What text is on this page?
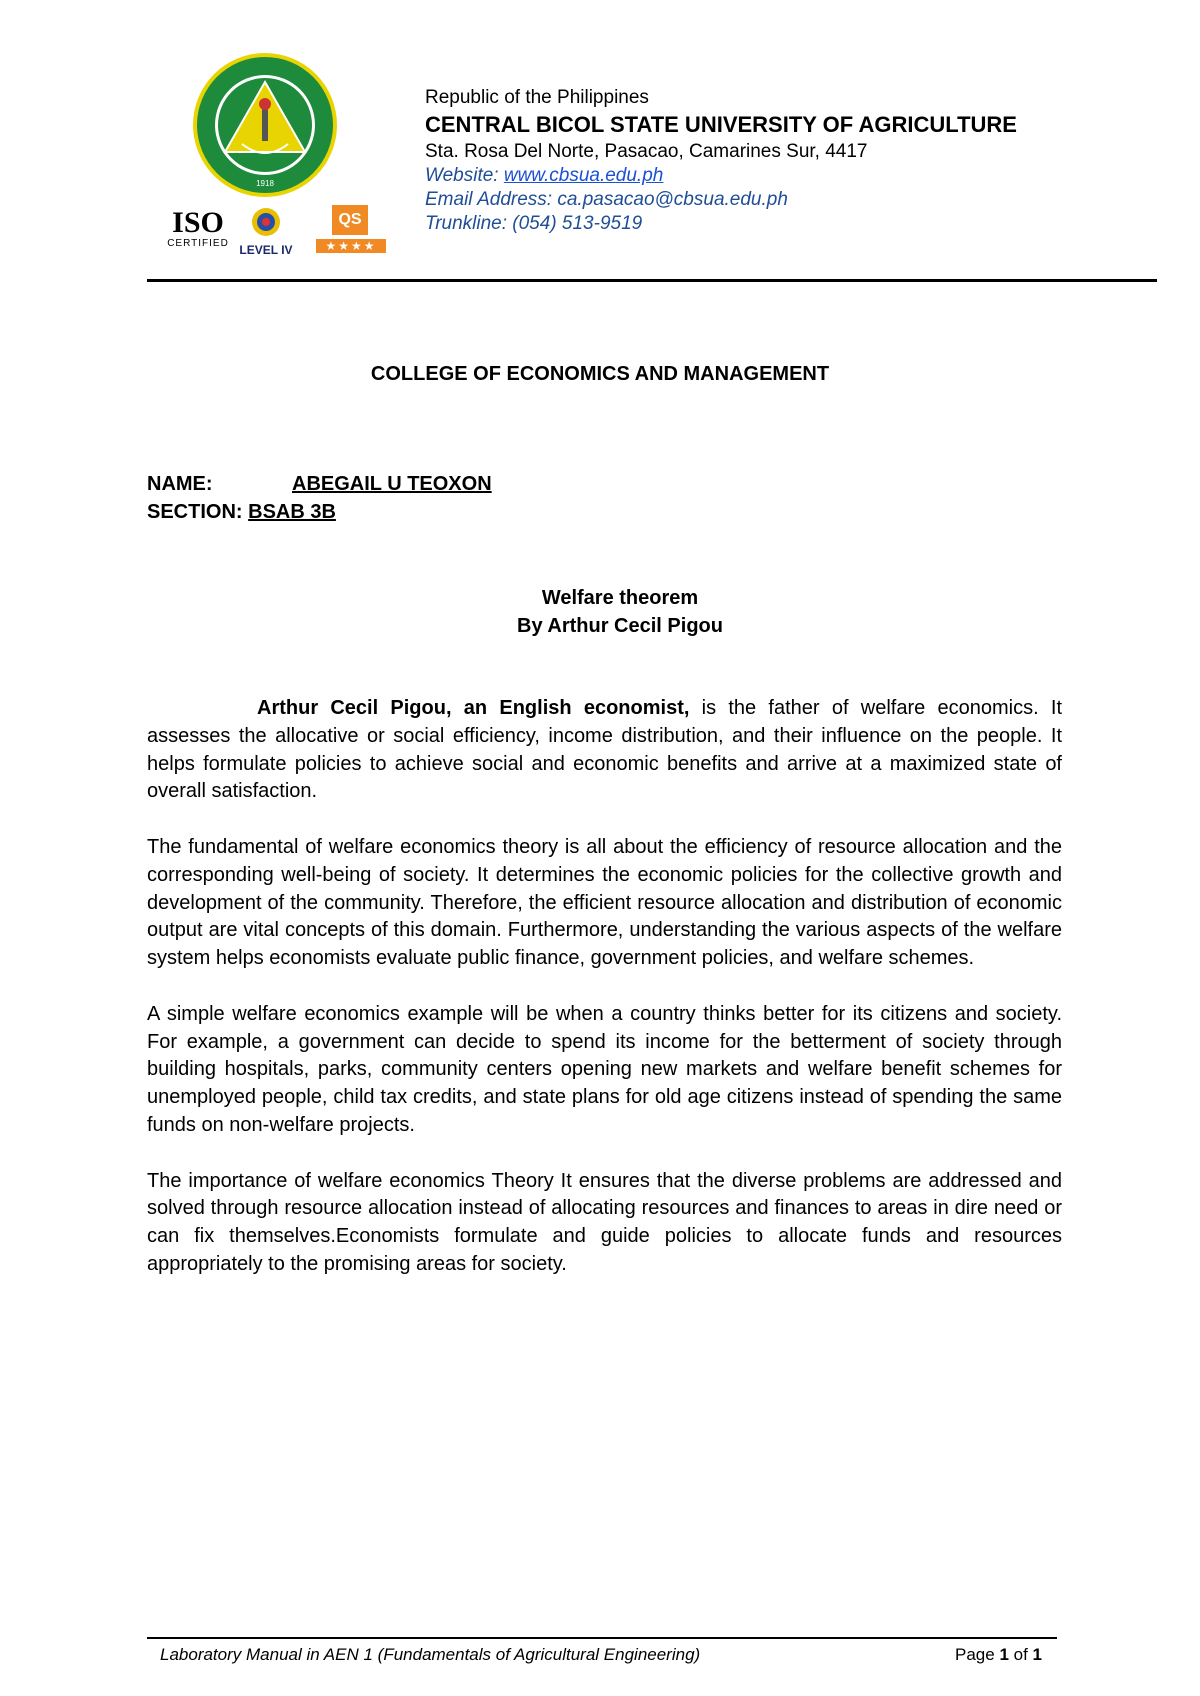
1918
ISO
CERTIFIED LEVEL IV
QS
★★★★
Republic of the Philippines
CENTRAL BICOL STATE UNIVERSITY OF AGRICULTURE
Sta. Rosa Del Norte, Pasacao, Camarines Sur, 4417
Website: www.cbsua.edu.ph
Email Address: ca.pasacao@cbsua.edu.ph
Trunkline: (054) 513-9519
COLLEGE OF ECONOMICS AND MANAGEMENT
NAME:	ABEGAIL U TEOXON
SECTION: BSAB 3B
Welfare theorem
By Arthur Cecil Pigou

Arthur Cecil Pigou, an English economist, is the father of welfare economics. It assesses the allocative or social efficiency, income distribution, and their influence on the people. It helps formulate policies to achieve social and economic benefits and arrive at a maximized state of overall satisfaction.

The fundamental of welfare economics theory is all about the efficiency of resource allocation and the corresponding well-being of society. It determines the economic policies for the collective growth and development of the community. Therefore, the efficient resource allocation and distribution of economic output are vital concepts of this domain. Furthermore, understanding the various aspects of the welfare system helps economists evaluate public finance, government policies, and welfare schemes.

A simple welfare economics example will be when a country thinks better for its citizens and society. For example, a government can decide to spend its income for the betterment of society through building hospitals, parks, community centers opening new markets and welfare benefit schemes for unemployed people, child tax credits, and state plans for old age citizens instead of spending the same funds on non-welfare projects.

The importance of welfare economics Theory It ensures that the diverse problems are addressed and solved through resource allocation instead of allocating resources and finances to areas in dire need or can fix themselves.Economists formulate and guide policies to allocate funds and resources appropriately to the promising areas for society.

Laboratory Manual in AEN 1 (Fundamentals of Agricultural Engineering)	Page 1 of 1
